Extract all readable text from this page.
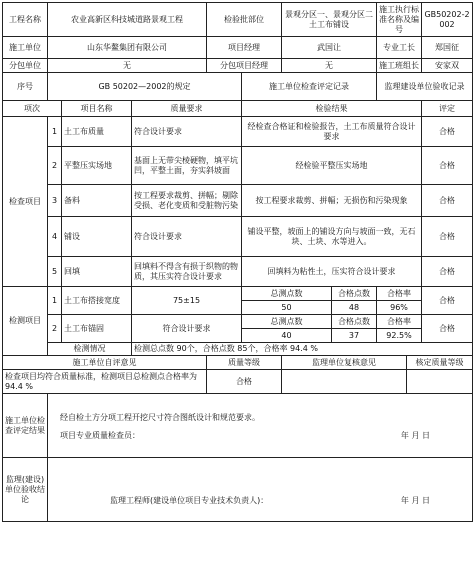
工程名称	农业高新区科技城道路景观工程			检验批部位		景观分区一、景观分区二土工布铺设		施工执行标准名称及编号		GB50202-2002
施工单位	山东华鳌集团有限公司			项目经理		武国让		专业工长		郑国征
分包单位	无			分包项目经理		无		施工班组长		安家双
序号	GB 50202—2002的规定				施工单位检查评定记录			监理建设单位验收记录		
项次		项目名称	质量要求		检验结果					评定
检查项目	1	土工布质量	符合设计要求		经检查合格证和检验报告，土工布质量符合设计要求					合格
	2	平整压实场地	基面上无带尖棱硬物，填平坑凹，平整土面，夯实斜坡面		经检验平整压实场地					合格
	3	备料	按工程要求裁剪、拼幅；剔除受损、老化变质和受脏物污染		按工程要求裁剪、拼幅；无损伤和污染现象					合格
	4	铺设	符合设计要求		铺设平整，坡面上的铺设方向与坡面一致，无石块、土块、水等进入。					合格
	5	回填	回填料不得含有损于织物的物质，其压实符合设计要求		回填料为粘性土，压实符合设计要求					合格
检测项目	1	土工布搭接宽度	75±15		总测点数		合格点数	合格率		合格
					50		48	96%		
	2	土工布锚固	符合设计要求		总测点数		合格点数	合格率		合格
					40		37	92.5%		
	检测情况		检测总点数 90个，合格点数 85个，合格率 94.4 %							
施工单位自评意见				质量等级		监理单位复核意见			核定质量等级	
检查项目均符合质量标准，检测项目总检测点合格率为 94.4 %				合格						
施工单位检查评定结果	经自检土方分项工程开挖尺寸符合图纸设计和规范要求。
项目专业质量检查员： 年 月 日									

监理(建设)单位验收结论	监理工程师(建设单位项目专业技术负责人)： 年 月 日									
